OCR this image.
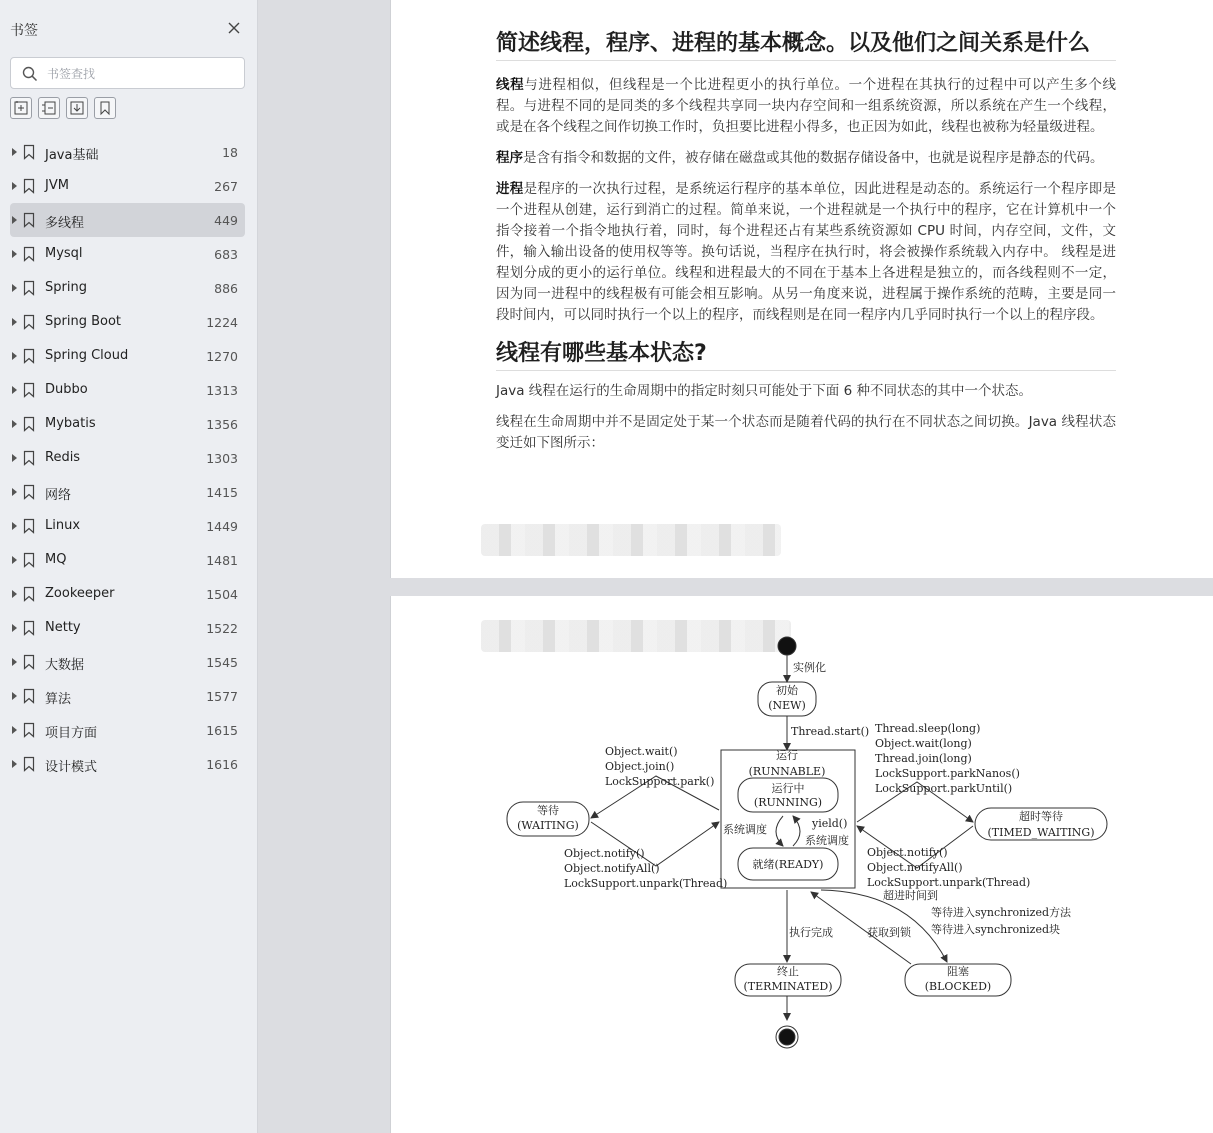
书签
书签查找
Java基础	18
JVM	267
多线程	449
Mysql	683
Spring	886
Spring Boot	1224
Spring Cloud	1270
Dubbo	1313
Mybatis	1356
Redis	1303
网络	1415
Linux	1449
MQ	1481
Zookeeper	1504
Netty	1522
大数据	1545
算法	1577
项目方面	1615
设计模式	1616
简述线程，程序、进程的基本概念。以及他们之间关系是什么

线程与进程相似，但线程是一个比进程更小的执行单位。一个进程在其执行的过程中可以产生多个线程。与进程不同的是同类的多个线程共享同一块内存空间和一组系统资源，所以系统在产生一个线程，或是在各个线程之间作切换工作时，负担要比进程小得多，也正因为如此，线程也被称为轻量级进程。

程序是含有指令和数据的文件，被存储在磁盘或其他的数据存储设备中，也就是说程序是静态的代码。

进程是程序的一次执行过程，是系统运行程序的基本单位，因此进程是动态的。系统运行一个程序即是一个进程从创建，运行到消亡的过程。简单来说，一个进程就是一个执行中的程序，它在计算机中一个指令接着一个指令地执行着，同时，每个进程还占有某些系统资源如 CPU 时间，内存空间，文件，文件，输入输出设备的使用权等等。换句话说，当程序在执行时，将会被操作系统载入内存中。 线程是进程划分成的更小的运行单位。线程和进程最大的不同在于基本上各进程是独立的，而各线程则不一定，因为同一进程中的线程极有可能会相互影响。从另一角度来说，进程属于操作系统的范畴，主要是同一段时间内，可以同时执行一个以上的程序，而线程则是在同一程序内几乎同时执行一个以上的程序段。

线程有哪些基本状态?

Java 线程在运行的生命周期中的指定时刻只可能处于下面 6 种不同状态的其中一个状态。

线程在生命周期中并不是固定处于某一个状态而是随着代码的执行在不同状态之间切换。Java 线程状态变迁如下图所示：

实例化
初始
(NEW)
Thread.start()
运行
(RUNNABLE)
运行中
(RUNNING)
就绪(READY)
系统调度	yield()
系统调度
等待
(WAITING)
Object.wait()
Object.join()
LockSupport.park()
Object.notify()
Object.notifyAll()
LockSupport.unpark(Thread)
超时等待
(TIMED_WAITING)
Thread.sleep(long)
Object.wait(long)
Thread.join(long)
LockSupport.parkNanos()
LockSupport.parkUntil()
Object.notify()
Object.notifyAll()
LockSupport.unpark(Thread)
超进时间到
执行完成	获取到锁
等待进入synchronized方法
等待进入synchronized块
终止
(TERMINATED)
阻塞
(BLOCKED)
